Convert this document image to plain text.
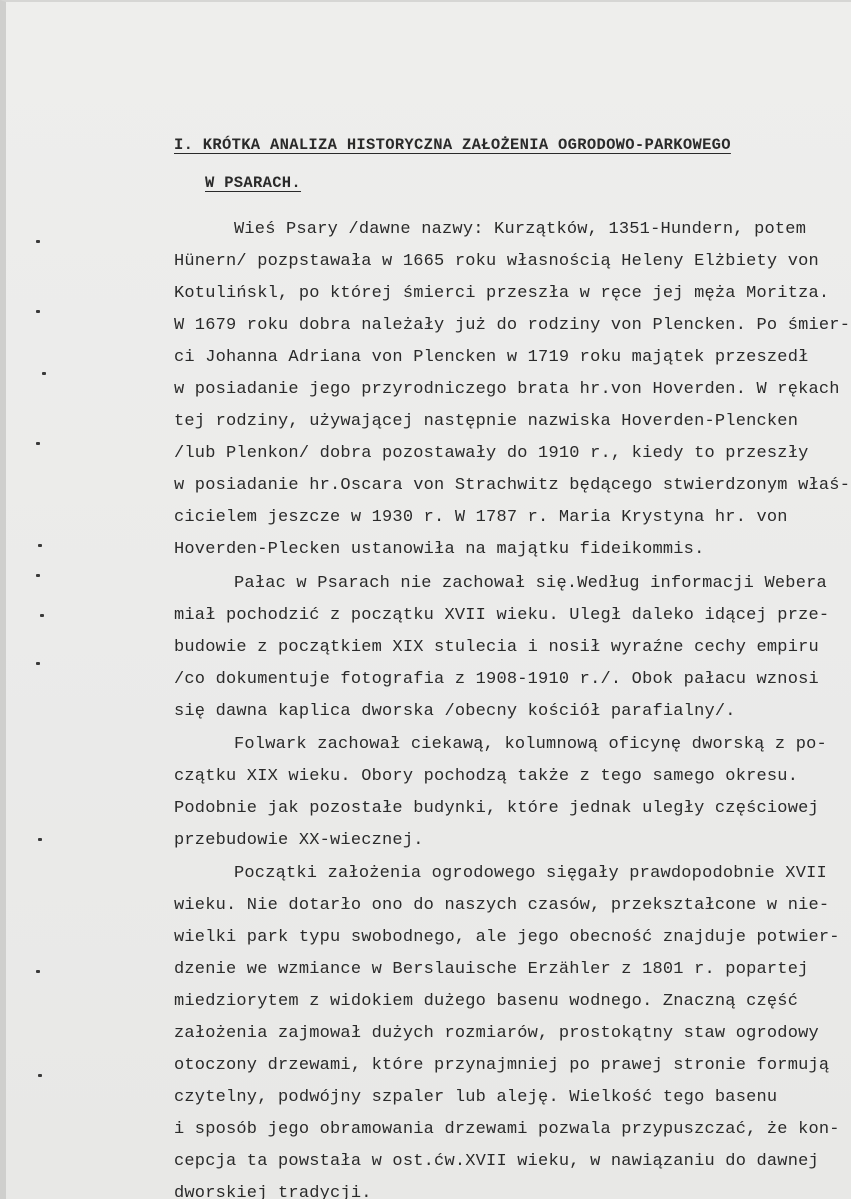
I. KRÓTKA ANALIZA HISTORYCZNA ZAŁOŻENIA OGRODOWO-PARKOWEGO
W PSARACH.
Wieś Psary /dawne nazwy: Kurzątków, 1351-Hundern, potem
Hünern/ pozpstawała w 1665 roku własnością Heleny Elżbiety von
Kotulińskl, po której śmierci przeszła w ręce jej męża Moritza.
W 1679 roku dobra należały już do rodziny von Plencken. Po śmier-
ci Johanna Adriana von Plencken w 1719 roku majątek przeszedł
w posiadanie jego przyrodniczego brata hr.von Hoverden. W rękach
tej rodziny, używającej następnie nazwiska Hoverden-Plencken
/lub Plenkon/ dobra pozostawały do 1910 r., kiedy to przeszły
w posiadanie hr.Oscara von Strachwitz będącego stwierdzonym właś-
cicielem jeszcze w 1930 r. W 1787 r. Maria Krystyna hr. von
Hoverden-Plecken ustanowiła na majątku fideikommis.
Pałac w Psarach nie zachował się.Według informacji Webera
miał pochodzić z początku XVII wieku. Uległ daleko idącej prze-
budowie z początkiem XIX stulecia i nosił wyraźne cechy empiru
/co dokumentuje fotografia z 1908-1910 r./. Obok pałacu wznosi
się dawna kaplica dworska /obecny kościół parafialny/.
Folwark zachował ciekawą, kolumnową oficynę dworską z po-
czątku XIX wieku. Obory pochodzą także z tego samego okresu.
Podobnie jak pozostałe budynki, które jednak uległy częściowej
przebudowie XX-wiecznej.
Początki założenia ogrodowego sięgały prawdopodobnie XVII
wieku. Nie dotarło ono do naszych czasów, przekształcone w nie-
wielki park typu swobodnego, ale jego obecność znajduje potwier-
dzenie we wzmiance w Berslauische Erzähler z 1801 r. popartej
miedziorytem z widokiem dużego basenu wodnego. Znaczną część
założenia zajmował dużych rozmiarów, prostokątny staw ogrodowy
otoczony drzewami, które przynajmniej po prawej stronie formują
czytelny, podwójny szpaler lub aleję. Wielkość tego basenu
i sposób jego obramowania drzewami pozwala przypuszczać, że kon-
cepcja ta powstała w ost.ćw.XVII wieku, w nawiązaniu do dawnej
dworskiej tradycji.
